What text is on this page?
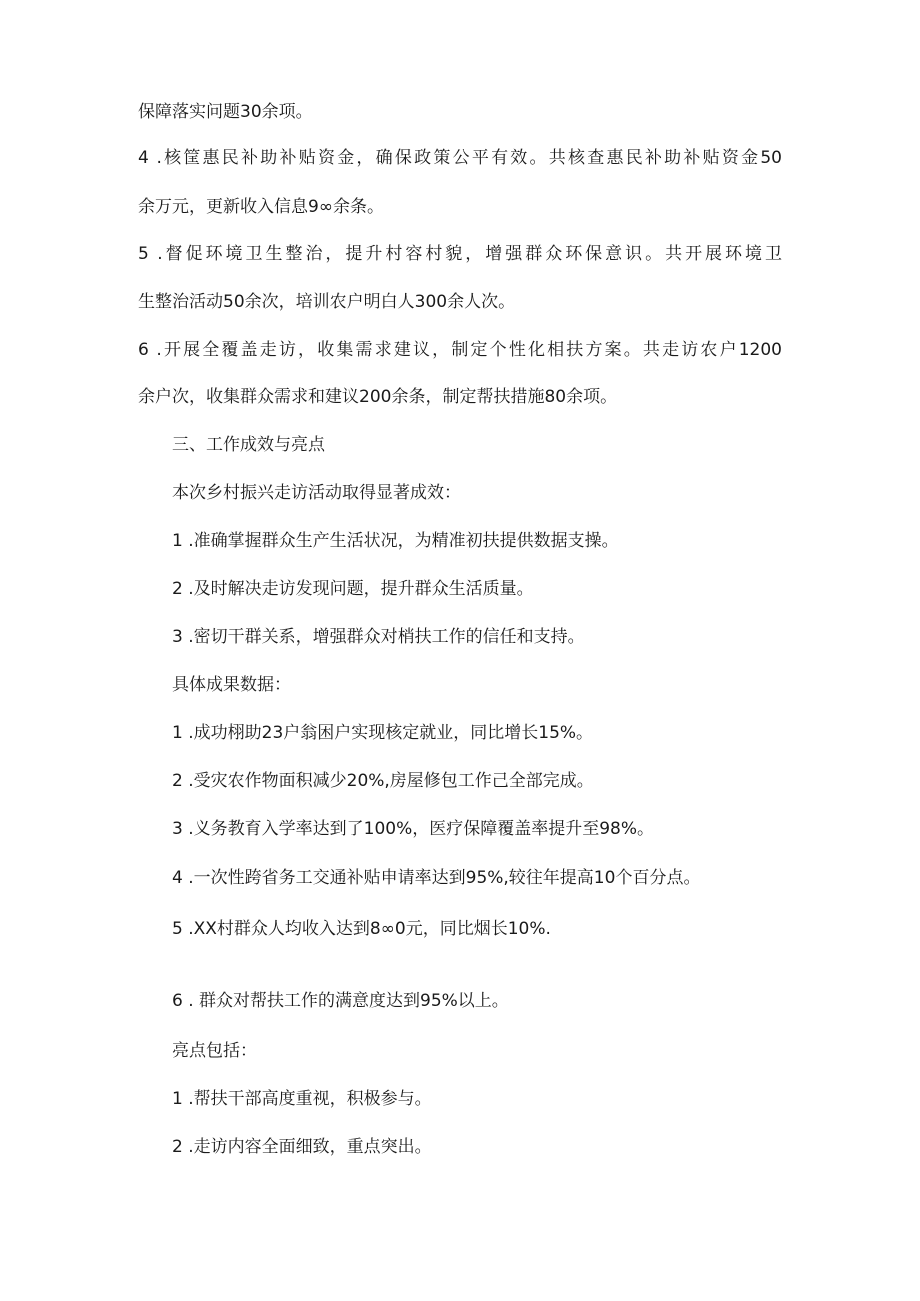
保障落实问题30余项。
4 .核筐惠民补助补贴资金，确保政策公平有效。共核查惠民补助补贴资金50
余万元，更新收入信息9∞余条。
5 .督促环境卫生整治，提升村容村貌，增强群众环保意识。共开展环境卫
生整治活动50余次，培训农户明白人300余人次。
6 .开展全覆盖走访，收集需求建议，制定个性化相扶方案。共走访农户1200
余户次，收集群众需求和建议200余条，制定帮扶措施80余项。
三、工作成效与亮点
本次乡村振兴走访活动取得显著成效：
1 .准确掌握群众生产生活状况，为精准初扶提供数据支操。
2 .及时解决走访发现问题，提升群众生活质量。
3 .密切干群关系，增强群众对梢扶工作的信任和支持。
具体成果数据：
1 .成功栩助23户翁困户实现核定就业，同比增长15%。
2 .受灾农作物面积减少20%,房屋修包工作己全部完成。
3 .义务教育入学率达到了100%，医疗保障覆盖率提升至98%。
4 .一次性跨省务工交通补贴申请率达到95%,较往年提高10个百分点。
5 .XX村群众人均收入达到8∞0元，同比烟长10%.
6 . 群众对帮扶工作的满意度达到95%以上。
亮点包括：
1 .帮扶干部高度重视，积极参与。
2 .走访内容全面细致，重点突出。
